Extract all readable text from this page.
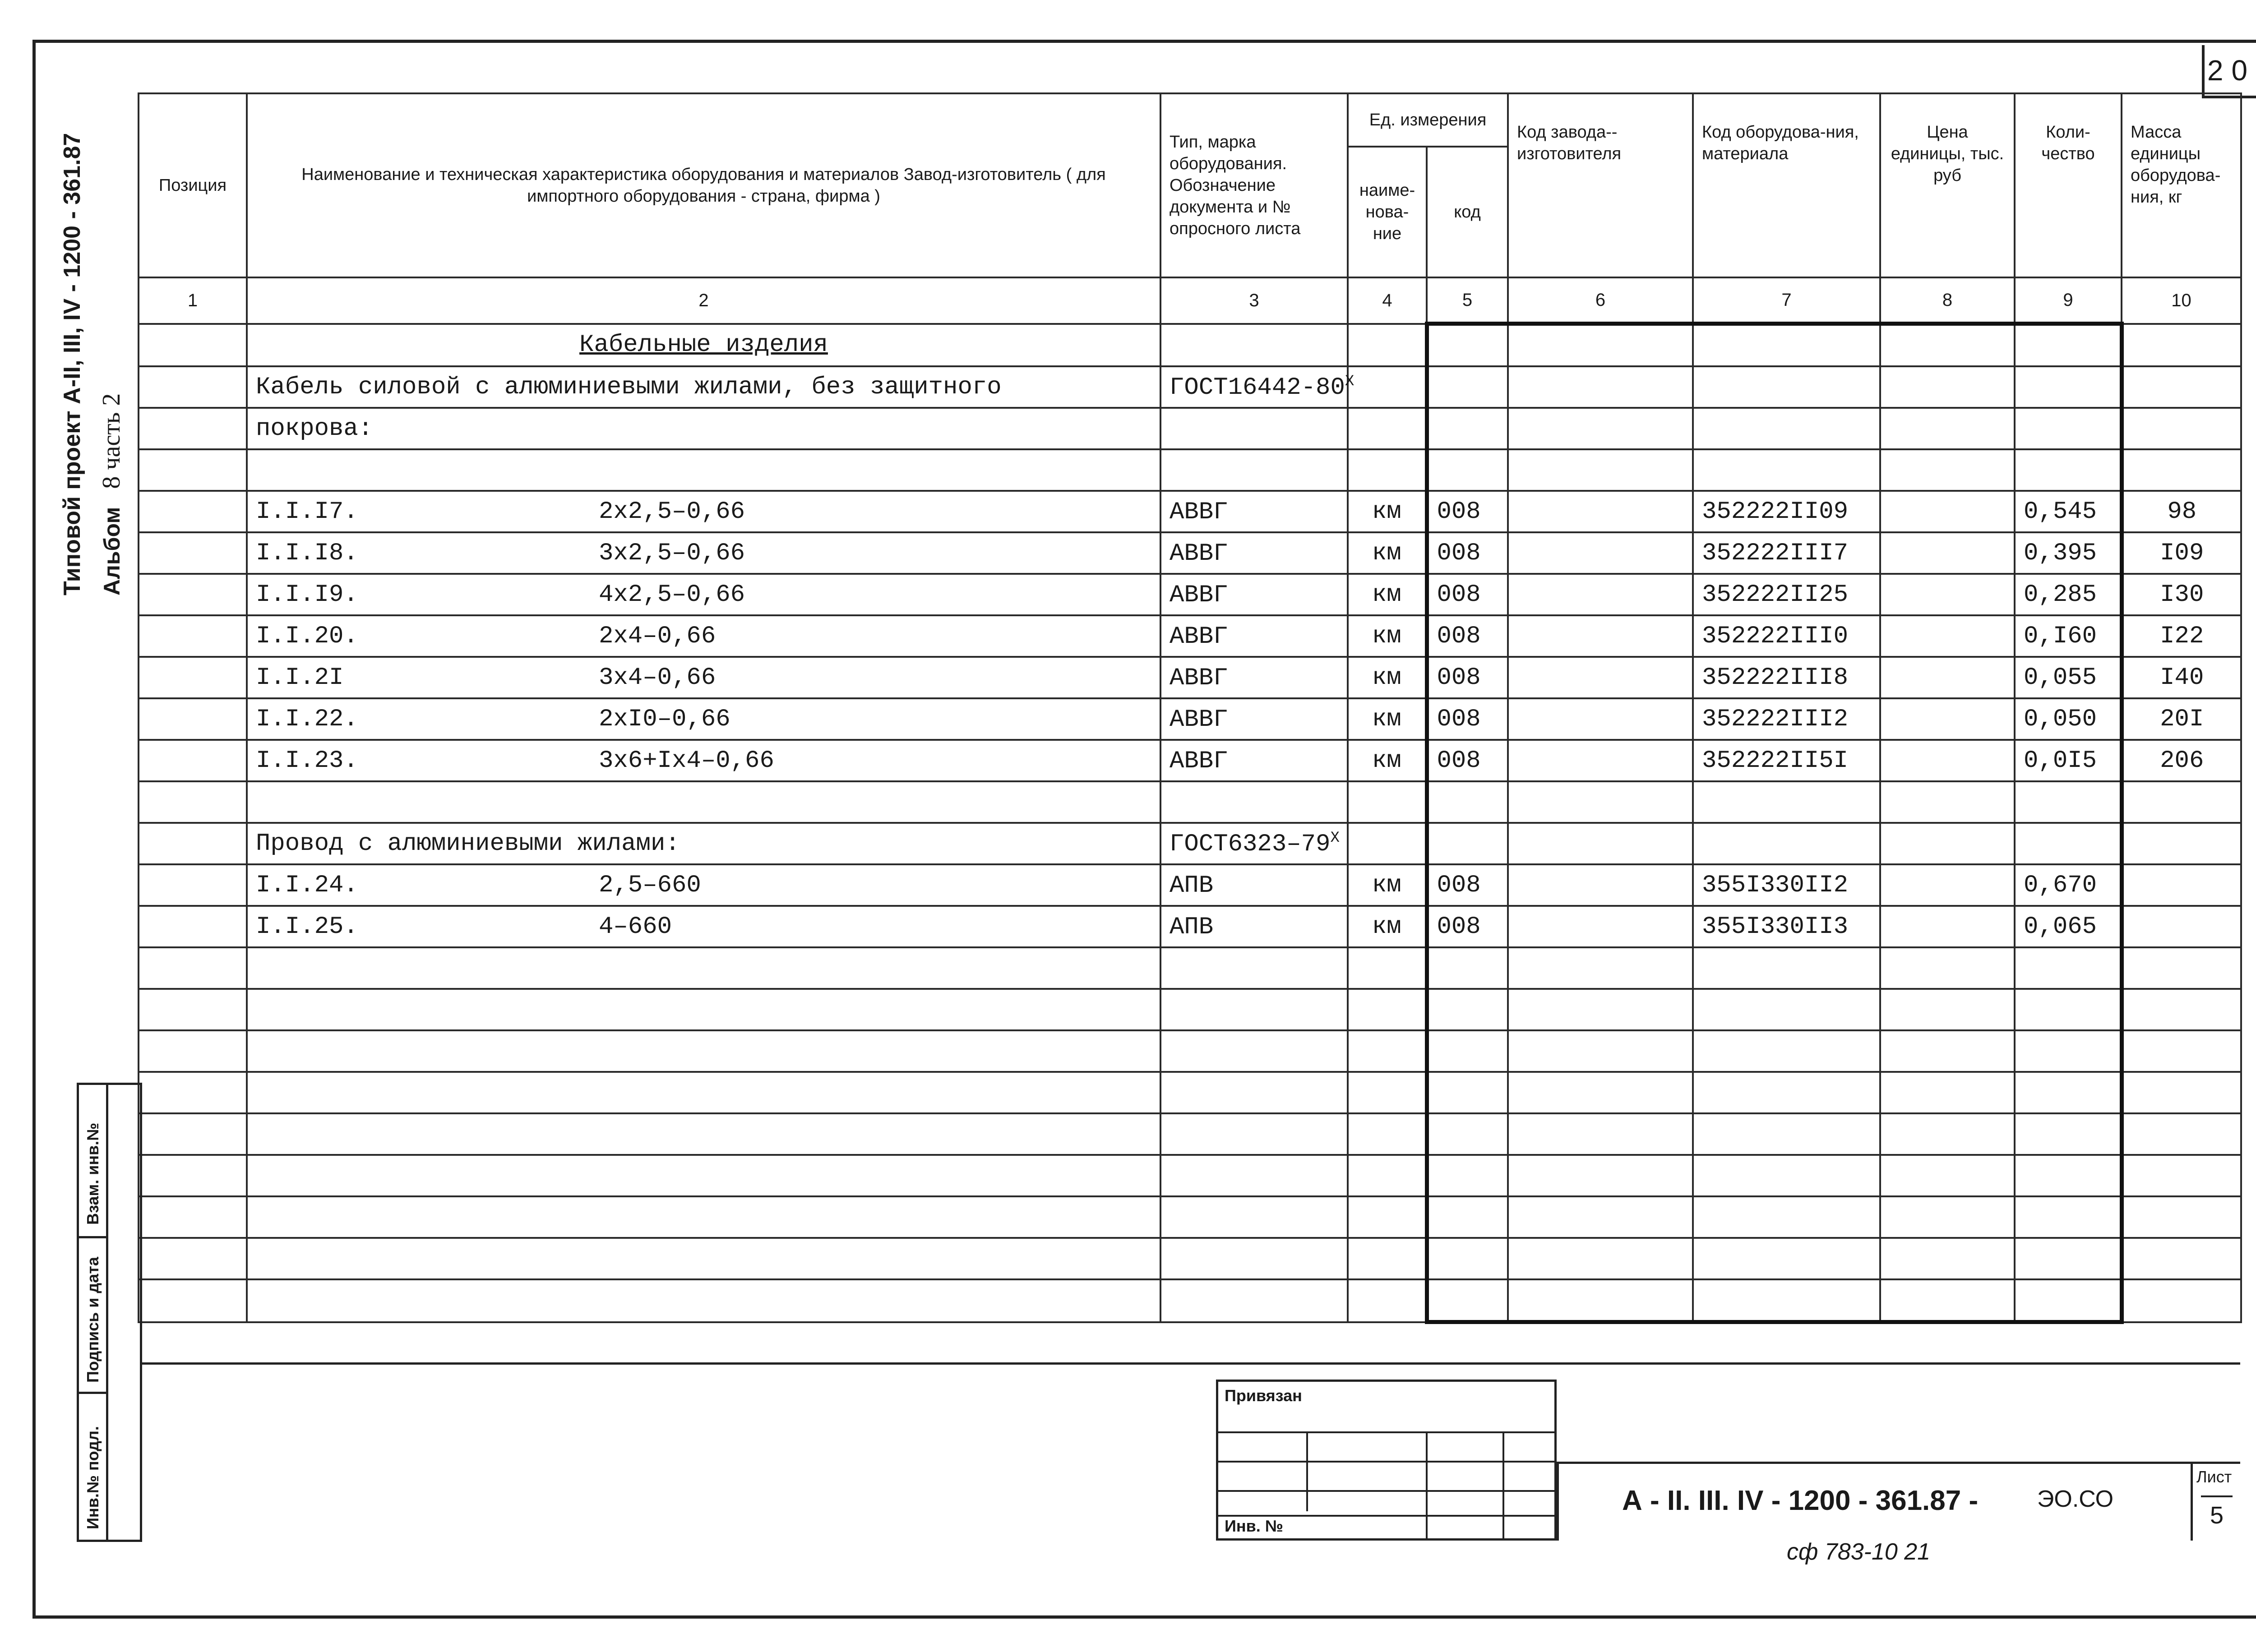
20
Типовой проект А-II, III, IV - 1200 - 361.87 Альбом8 часть 2
Позиция	Наименование и техническая характеристика оборудования и материалов Завод-изготовитель ( для импортного оборудования - страна, фирма )	Тип, марка оборудования. Обозначение документа и № опросного листа	Ед. измерения		Код завода--изготовителя	Код оборудова-ния, материала	Цена единицы, тыс. руб	Коли-чество	Масса единицы оборудова-ния, кг
			наиме-нова-ние	код					
1	2	3	4	5	6	7	8	9	10
	Кабельные изделия								
	Кабель силовой с алюминиевыми жилами, без защитного	$ГОСТ16442-80^X$							
	покрова:								

	I.I.I7. 2х2,5–0,66	АВВГ	км	008		352222II09		0,545	98
	I.I.I8. 3х2,5–0,66	АВВГ	км	008		352222III7		0,395	I09
	I.I.I9. 4х2,5–0,66	АВВГ	км	008		352222II25		0,285	I30
	I.I.20. 2х4–0,66	АВВГ	км	008		352222III0		0,I60	I22
	I.I.2I 3х4–0,66	АВВГ	км	008		352222III8		0,055	I40
	I.I.22. 2хI0–0,66	АВВГ	км	008		352222III2		0,050	20I
	I.I.23. 3х6+Iх4–0,66	АВВГ	км	008		352222II5I		0,0I5	206

	Провод с алюминиевыми жилами:	$ГОСТ6323-79^X$							
	I.I.24. 2,5–660	АПВ	км	008		355I330II2		0,670	
	I.I.25. 4–660	АПВ	км	008		355I330II3		0,065	

Взам. инв.№
Подпись и дата
Инв.№ подл.
Привязан
Инв. №
А - II. III. IV - 1200 - 361.87 -	ЭО.СО
Лист
5
сф 783-10 21
